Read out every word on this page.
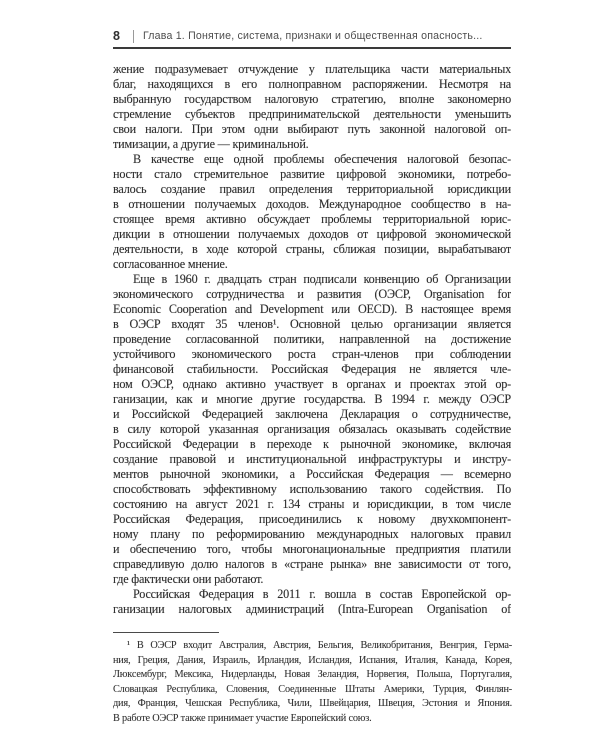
8 Глава 1. Понятие, система, признаки и общественная опасность...
жение подразумевает отчуждение у плательщика части материальных
благ, находящихся в его полноправном распоряжении. Несмотря на
выбранную государством налоговую стратегию, вполне закономерно
стремление субъектов предпринимательской деятельности уменьшить
свои налоги. При этом одни выбирают путь законной налоговой оп-
тимизации, а другие — криминальной.
В качестве еще одной проблемы обеспечения налоговой безопас-
ности стало стремительное развитие цифровой экономики, потребо-
валось создание правил определения территориальной юрисдикции
в отношении получаемых доходов. Международное сообщество в на-
стоящее время активно обсуждает проблемы территориальной юрис-
дикции в отношении получаемых доходов от цифровой экономической
деятельности, в ходе которой страны, сближая позиции, вырабатывают
согласованное мнение.
Еще в 1960 г. двадцать стран подписали конвенцию об Организации
экономического сотрудничества и развития (ОЭСР, Organisation for
Economic Cooperation and Development или OECD). В настоящее время
в ОЭСР входят 35 членов¹. Основной целью организации является
проведение согласованной политики, направленной на достижение
устойчивого экономического роста стран-членов при соблюдении
финансовой стабильности. Российская Федерация не является чле-
ном ОЭСР, однако активно участвует в органах и проектах этой ор-
ганизации, как и многие другие государства. В 1994 г. между ОЭСР
и Российской Федерацией заключена Декларация о сотрудничестве,
в силу которой указанная организация обязалась оказывать содействие
Российской Федерации в переходе к рыночной экономике, включая
создание правовой и институциональной инфраструктуры и инстру-
ментов рыночной экономики, а Российская Федерация — всемерно
способствовать эффективному использованию такого содействия. По
состоянию на август 2021 г. 134 страны и юрисдикции, в том числе
Российская Федерация, присоединились к новому двухкомпонент-
ному плану по реформированию международных налоговых правил
и обеспечению того, чтобы многонациональные предприятия платили
справедливую долю налогов в «стране рынка» вне зависимости от того,
где фактически они работают.
Российская Федерация в 2011 г. вошла в состав Европейской ор-
ганизации налоговых администраций (Intra-European Organisation of
¹ В ОЭСР входит Австралия, Австрия, Бельгия, Великобритания, Венгрия, Герма-
ния, Греция, Дания, Израиль, Ирландия, Исландия, Испания, Италия, Канада, Корея,
Люксембург, Мексика, Нидерланды, Новая Зеландия, Норвегия, Польша, Португалия,
Словацкая Республика, Словения, Соединенные Штаты Америки, Турция, Финлян-
дия, Франция, Чешская Республика, Чили, Швейцария, Швеция, Эстония и Япония.
В работе ОЭСР также принимает участие Европейский союз.
